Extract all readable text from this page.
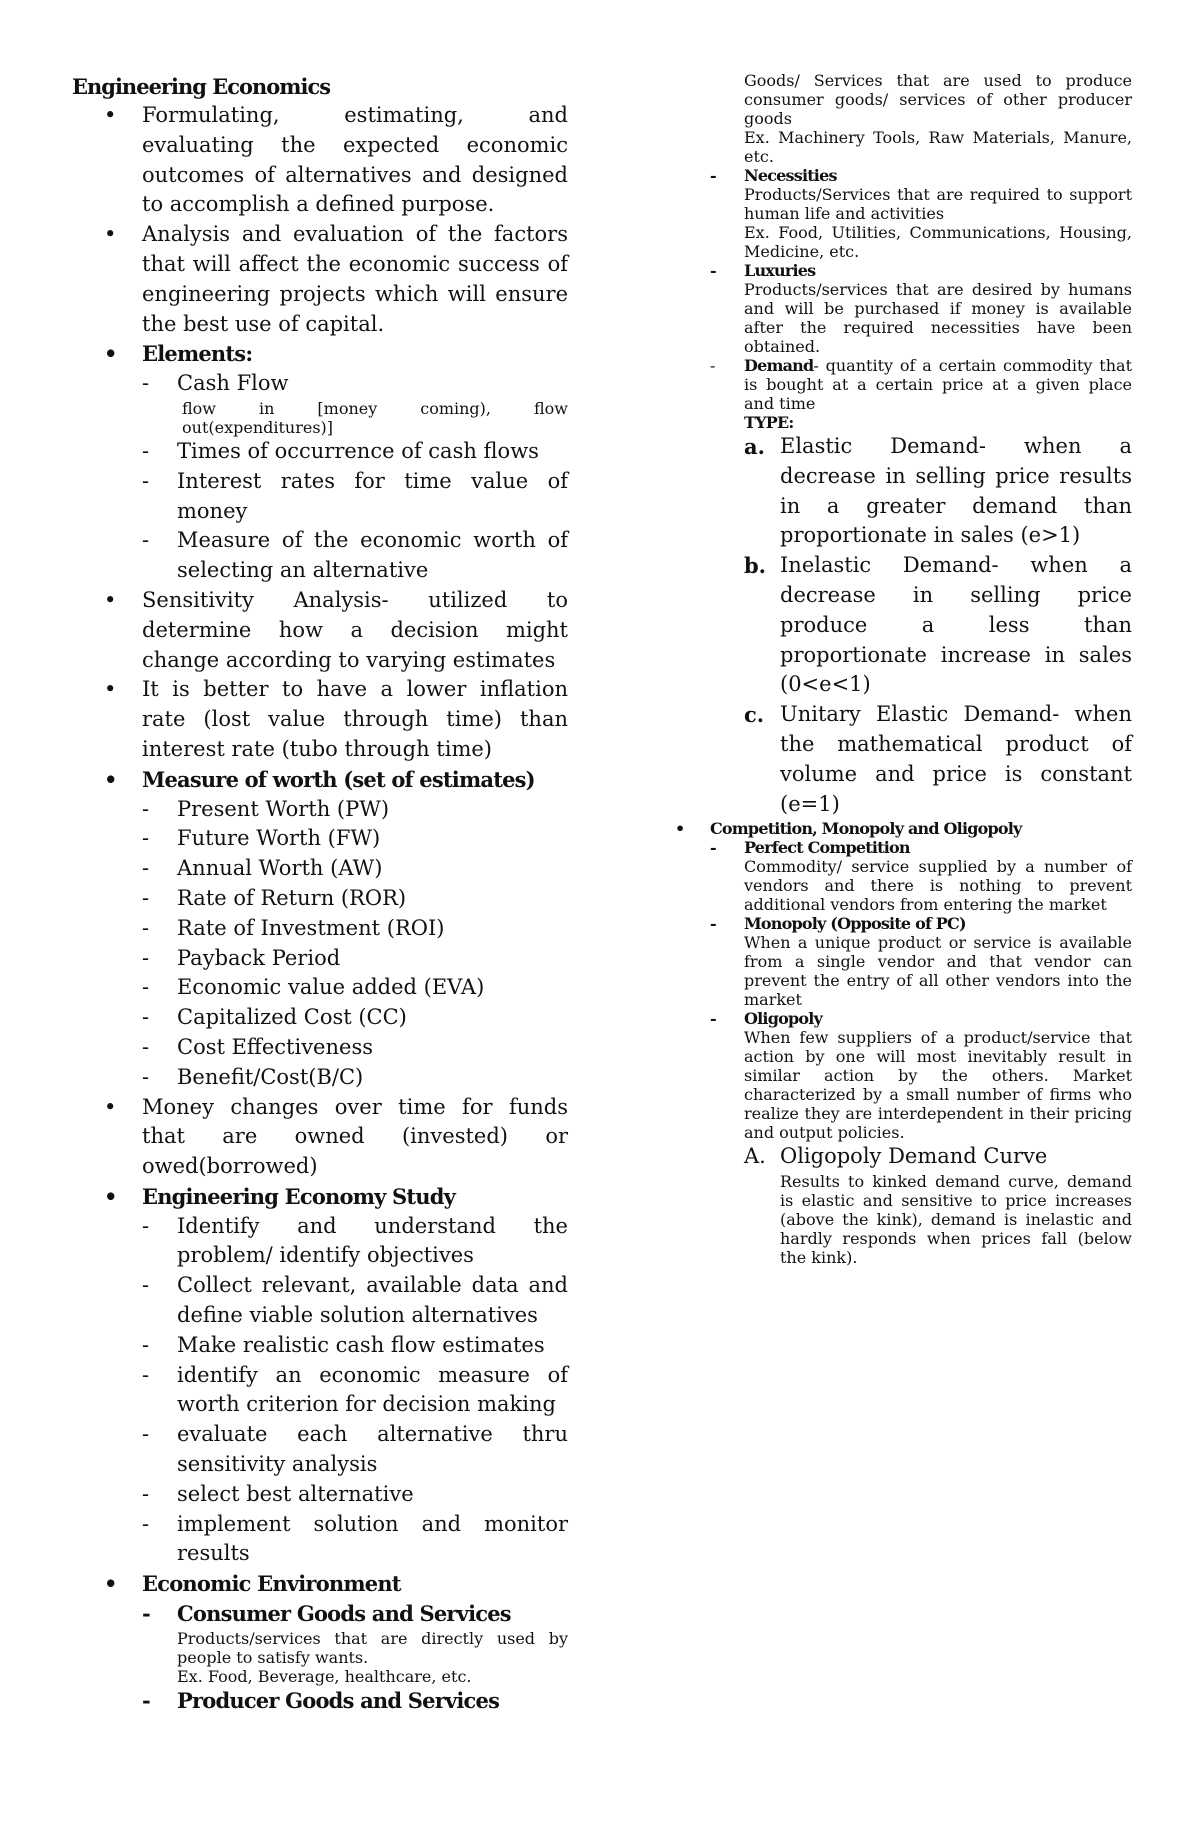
Engineering Economics
• Formulating, estimating, and evaluating the expected economic outcomes of alternatives and designed to accomplish a defined purpose.
• Analysis and evaluation of the factors that will affect the economic success of engineering projects which will ensure the best use of capital.
• Elements:
- Cash Flow
flow in [money coming), flow out(expenditures)]
- Times of occurrence of cash flows
- Interest rates for time value of money
- Measure of the economic worth of selecting an alternative
• Sensitivity Analysis- utilized to determine how a decision might change according to varying estimates
• It is better to have a lower inflation rate (lost value through time) than interest rate (tubo through time)
• Measure of worth (set of estimates)
- Present Worth (PW)
- Future Worth (FW)
- Annual Worth (AW)
- Rate of Return (ROR)
- Rate of Investment (ROI)
- Payback Period
- Economic value added (EVA)
- Capitalized Cost (CC)
- Cost Effectiveness
- Benefit/Cost(B/C)
• Money changes over time for funds that are owned (invested) or owed(borrowed)
• Engineering Economy Study
- Identify and understand the problem/ identify objectives
- Collect relevant, available data and define viable solution alternatives
- Make realistic cash flow estimates
- identify an economic measure of worth criterion for decision making
- evaluate each alternative thru sensitivity analysis
- select best alternative
- implement solution and monitor results
• Economic Environment
- Consumer Goods and Services
Products/services that are directly used by people to satisfy wants.
Ex. Food, Beverage, healthcare, etc.
- Producer Goods and Services
Goods/ Services that are used to produce consumer goods/ services of other producer goods
Ex. Machinery Tools, Raw Materials, Manure, etc.
- Necessities
Products/Services that are required to support human life and activities
Ex. Food, Utilities, Communications, Housing, Medicine, etc.
- Luxuries
Products/services that are desired by humans and will be purchased if money is available after the required necessities have been obtained.
- Demand- quantity of a certain commodity that is bought at a certain price at a given place and time
TYPE:
a. Elastic Demand- when a decrease in selling price results in a greater demand than proportionate in sales (e>1)
b. Inelastic Demand- when a decrease in selling price produce a less than proportionate increase in sales (0<e<1)
c. Unitary Elastic Demand- when the mathematical product of volume and price is constant (e=1)
• Competition, Monopoly and Oligopoly
- Perfect Competition
Commodity/ service supplied by a number of vendors and there is nothing to prevent additional vendors from entering the market
- Monopoly (Opposite of PC)
When a unique product or service is available from a single vendor and that vendor can prevent the entry of all other vendors into the market
- Oligopoly
When few suppliers of a product/service that action by one will most inevitably result in similar action by the others. Market characterized by a small number of firms who realize they are interdependent in their pricing and output policies.
A. Oligopoly Demand Curve
Results to kinked demand curve, demand is elastic and sensitive to price increases (above the kink), demand is inelastic and hardly responds when prices fall (below the kink).
